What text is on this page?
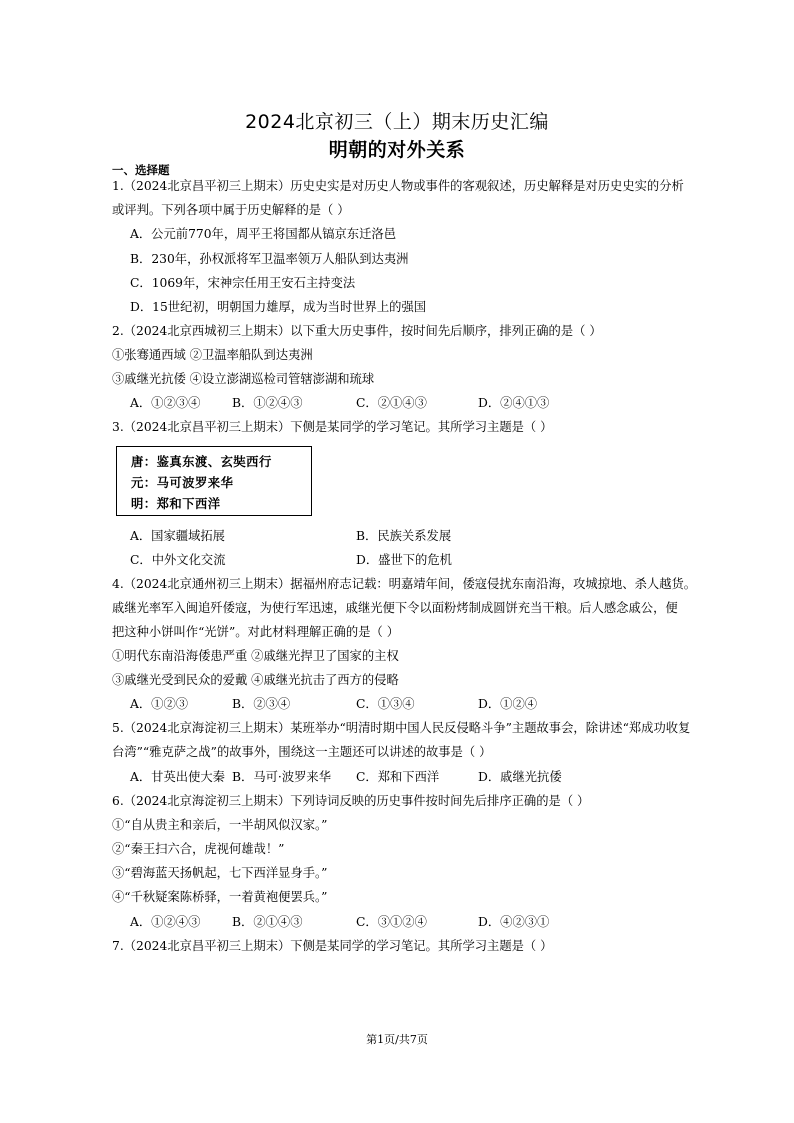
2024北京初三（上）期末历史汇编
明朝的对外关系
一、选择题
1.（2024北京昌平初三上期末）历史史实是对历史人物或事件的客观叙述，历史解释是对历史史实的分析
或评判。下列各项中属于历史解释的是（ ）
A．公元前770年，周平王将国都从镐京东迁洛邑
B．230年，孙权派将军卫温率领万人船队到达夷洲
C．1069年，宋神宗任用王安石主持变法
D．15世纪初，明朝国力雄厚，成为当时世界上的强国
2.（2024北京西城初三上期末）以下重大历史事件，按时间先后顺序，排列正确的是（ ）
①张骞通西域 ②卫温率船队到达夷洲
③戚继光抗倭 ④设立澎湖巡检司管辖澎湖和琉球
A．①②③④	B．①②④③	C．②①④③	D．②④①③
3.（2024北京昌平初三上期末）下侧是某同学的学习笔记。其所学习主题是（ ）
唐：鉴真东渡、玄奘西行
元：马可波罗来华
明：郑和下西洋
A．国家疆域拓展	B．民族关系发展
C．中外文化交流	D．盛世下的危机
4.（2024北京通州初三上期末）据福州府志记载：明嘉靖年间，倭寇侵扰东南沿海，攻城掠地、杀人越货。
戚继光率军入闽追歼倭寇，为使行军迅速，戚继光便下令以面粉烤制成圆饼充当干粮。后人感念戚公，便
把这种小饼叫作“光饼”。对此材料理解正确的是（ ）
①明代东南沿海倭患严重 ②戚继光捍卫了国家的主权
③戚继光受到民众的爱戴 ④戚继光抗击了西方的侵略
A．①②③	B．②③④	C．①③④	D．①②④
5.（2024北京海淀初三上期末）某班举办“明清时期中国人民反侵略斗争”主题故事会，除讲述“郑成功收复
台湾”“雅克萨之战”的故事外，围绕这一主题还可以讲述的故事是（ ）
A．甘英出使大秦 B．马可·波罗来华 C．郑和下西洋	D．戚继光抗倭
6.（2024北京海淀初三上期末）下列诗词反映的历史事件按时间先后排序正确的是（ ）
①“自从贵主和亲后，一半胡风似汉家。”
②“秦王扫六合，虎视何雄哉！”
③“碧海蓝天扬帆起，七下西洋显身手。”
④“千秋疑案陈桥驿，一着黄袍便罢兵。”
A．①②④③	B．②①④③	C．③①②④	D．④②③①
7.（2024北京昌平初三上期末）下侧是某同学的学习笔记。其所学习主题是（ ）
第1页/共7页
